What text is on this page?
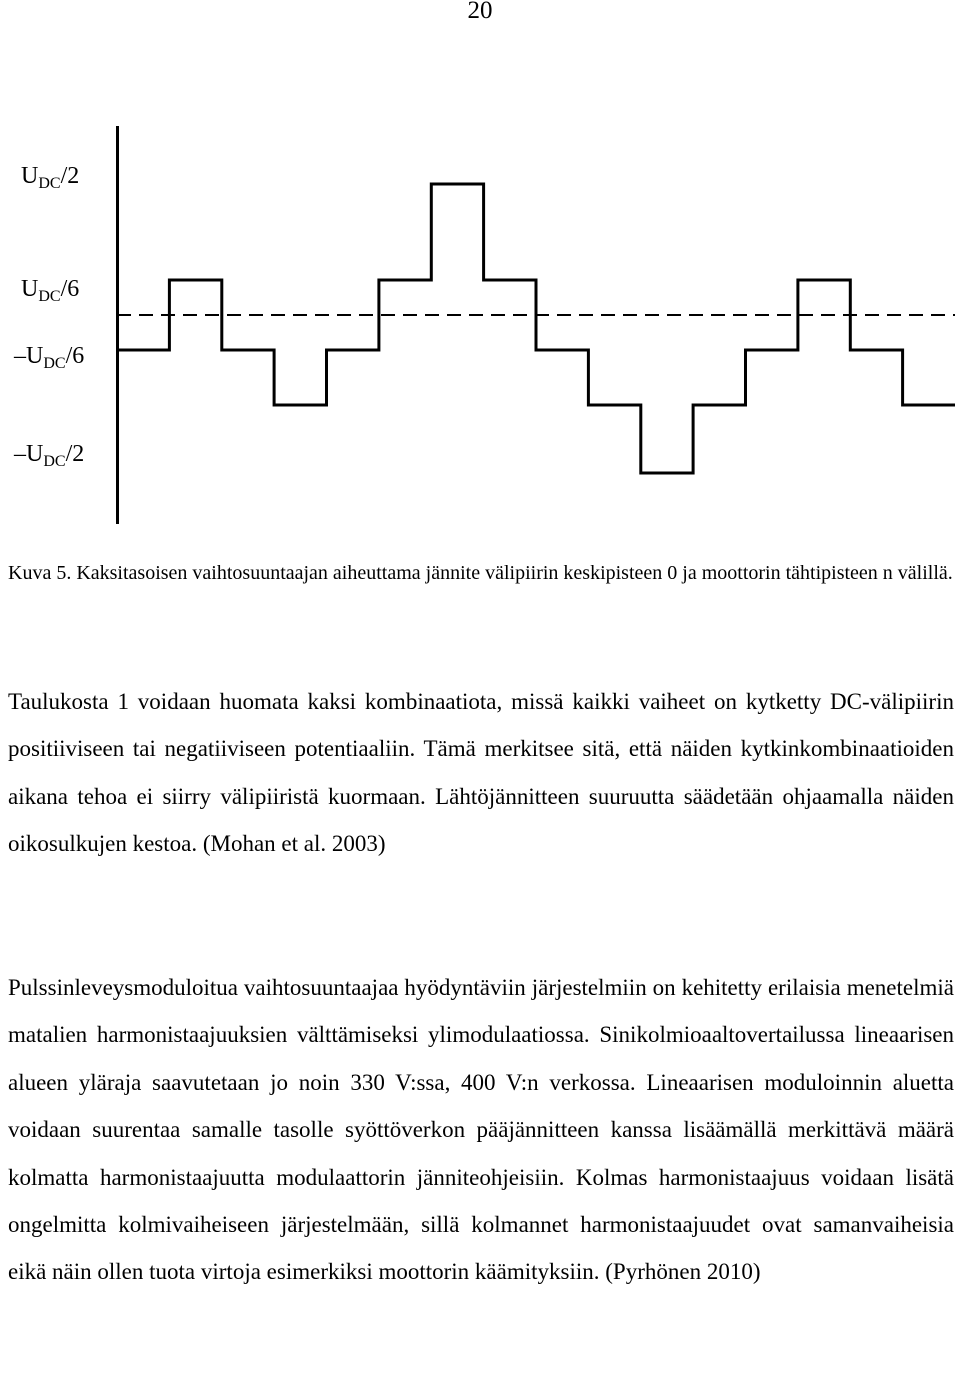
20
$U_{DC}/2$
$U_{DC}/6$
$-U_{DC}/6$
$-U_{DC}/2$
Kuva 5. Kaksitasoisen vaihtosuuntaajan aiheuttama jännite välipiirin keskipisteen 0 ja moottorin tähtipisteen n välillä.

Taulukosta 1 voidaan huomata kaksi kombinaatiota, missä kaikki vaiheet on kytketty DC-välipiirin positiiviseen tai negatiiviseen potentiaaliin. Tämä merkitsee sitä, että näiden kytkinkombinaatioiden aikana tehoa ei siirry välipiiristä kuormaan. Lähtöjännitteen suuruutta säädetään ohjaamalla näiden oikosulkujen kestoa. (Mohan et al. 2003)

Pulssinleveysmoduloitua vaihtosuuntaajaa hyödyntäviin järjestelmiin on kehitetty erilaisia menetelmiä matalien harmonistaajuuksien välttämiseksi ylimodulaatiossa. Sinikolmioaaltovertailussa lineaarisen alueen yläraja saavutetaan jo noin 330 V:ssa, 400 V:n verkossa. Lineaarisen moduloinnin aluetta voidaan suurentaa samalle tasolle syöttöverkon pääjännitteen kanssa lisäämällä merkittävä määrä kolmatta harmonistaajuutta modulaattorin jänniteohjeisiin. Kolmas harmonistaajuus voidaan lisätä ongelmitta kolmivaiheiseen järjestelmään, sillä kolmannet harmonistaajuudet ovat samanvaiheisia eikä näin ollen tuota virtoja esimerkiksi moottorin käämityksiin. (Pyrhönen 2010)
